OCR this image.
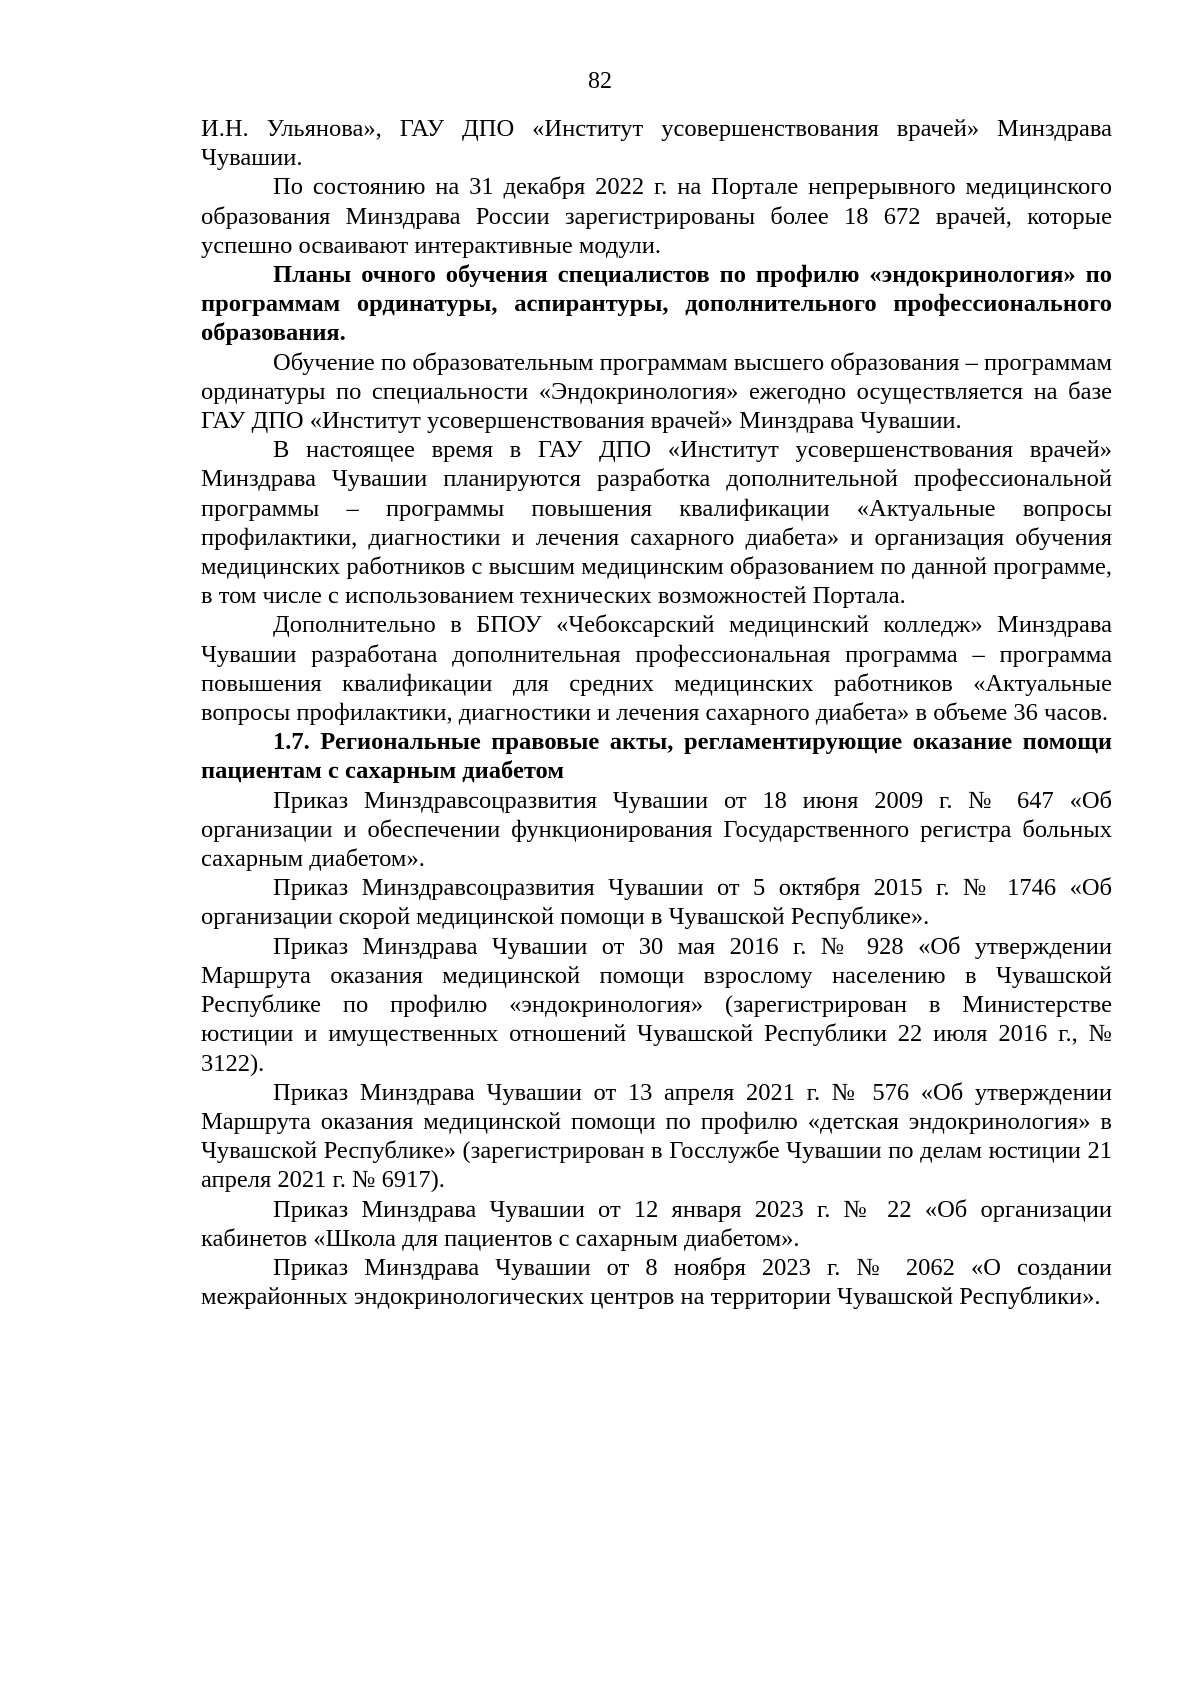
82

И.Н. Ульянова», ГАУ ДПО «Институт усовершенствования врачей» Минздрава Чувашии.

По состоянию на 31 декабря 2022 г. на Портале непрерывного медицинского образования Минздрава России зарегистрированы более 18 672 врачей, которые успешно осваивают интерактивные модули.

Планы очного обучения специалистов по профилю «эндокринология» по программам ординатуры, аспирантуры, дополнительного профессионального образования.

Обучение по образовательным программам высшего образования – программам ординатуры по специальности «Эндокринология» ежегодно осуществляется на базе ГАУ ДПО «Институт усовершенствования врачей» Минздрава Чувашии.

В настоящее время в ГАУ ДПО «Институт усовершенствования врачей» Минздрава Чувашии планируются разработка дополнительной профессиональной программы – программы повышения квалификации «Актуальные вопросы профилактики, диагностики и лечения сахарного диабета» и организация обучения медицинских работников с высшим медицинским образованием по данной программе, в том числе с использованием технических возможностей Портала.

Дополнительно в БПОУ «Чебоксарский медицинский колледж» Минздрава Чувашии разработана дополнительная профессиональная программа – программа повышения квалификации для средних медицинских работников «Актуальные вопросы профилактики, диагностики и лечения сахарного диабета» в объеме 36 часов.

1.7. Региональные правовые акты, регламентирующие оказание помощи пациентам с сахарным диабетом

Приказ Минздравсоцразвития Чувашии от 18 июня 2009 г. № 647 «Об организации и обеспечении функционирования Государственного регистра больных сахарным диабетом».

Приказ Минздравсоцразвития Чувашии от 5 октября 2015 г. № 1746 «Об организации скорой медицинской помощи в Чувашской Республике».

Приказ Минздрава Чувашии от 30 мая 2016 г. № 928 «Об утверждении Маршрута оказания медицинской помощи взрослому населению в Чувашской Республике по профилю «эндокринология» (зарегистрирован в Министерстве юстиции и имущественных отношений Чувашской Республики 22 июля 2016 г., № 3122).

Приказ Минздрава Чувашии от 13 апреля 2021 г. № 576 «Об утверждении Маршрута оказания медицинской помощи по профилю «детская эндокринология» в Чувашской Республике» (зарегистрирован в Госслужбе Чувашии по делам юстиции 21 апреля 2021 г. № 6917).

Приказ Минздрава Чувашии от 12 января 2023 г. № 22 «Об организации кабинетов «Школа для пациентов с сахарным диабетом».

Приказ Минздрава Чувашии от 8 ноября 2023 г. № 2062 «О создании межрайонных эндокринологических центров на территории Чувашской Республики».
